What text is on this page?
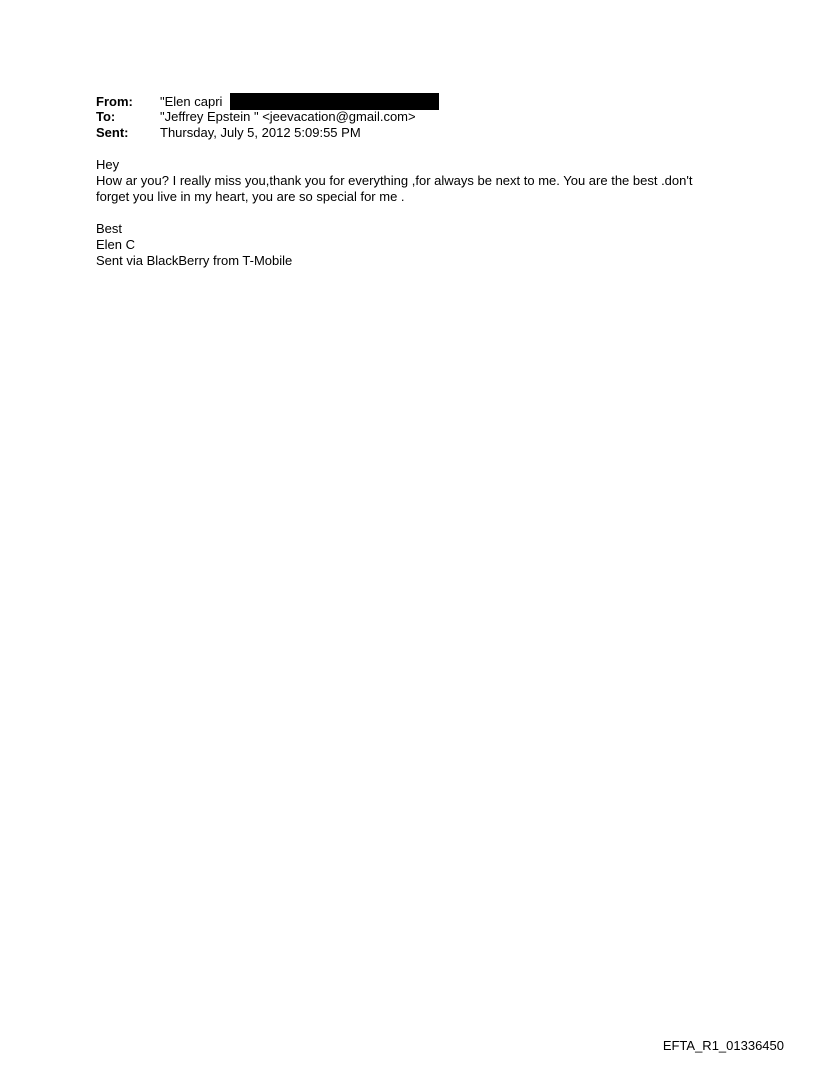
From:	"Elen capri
To:	"Jeffrey Epstein " <jeevacation@gmail.com>
Sent:	Thursday, July 5, 2012 5:09:55 PM

Hey

How ar you? I really miss you,thank you for everything ,for always be next to me. You are the best .don't

forget you live in my heart, you are so special for me .

Best

Elen C

Sent via BlackBerry from T-Mobile

EFTA_R1_01336450
